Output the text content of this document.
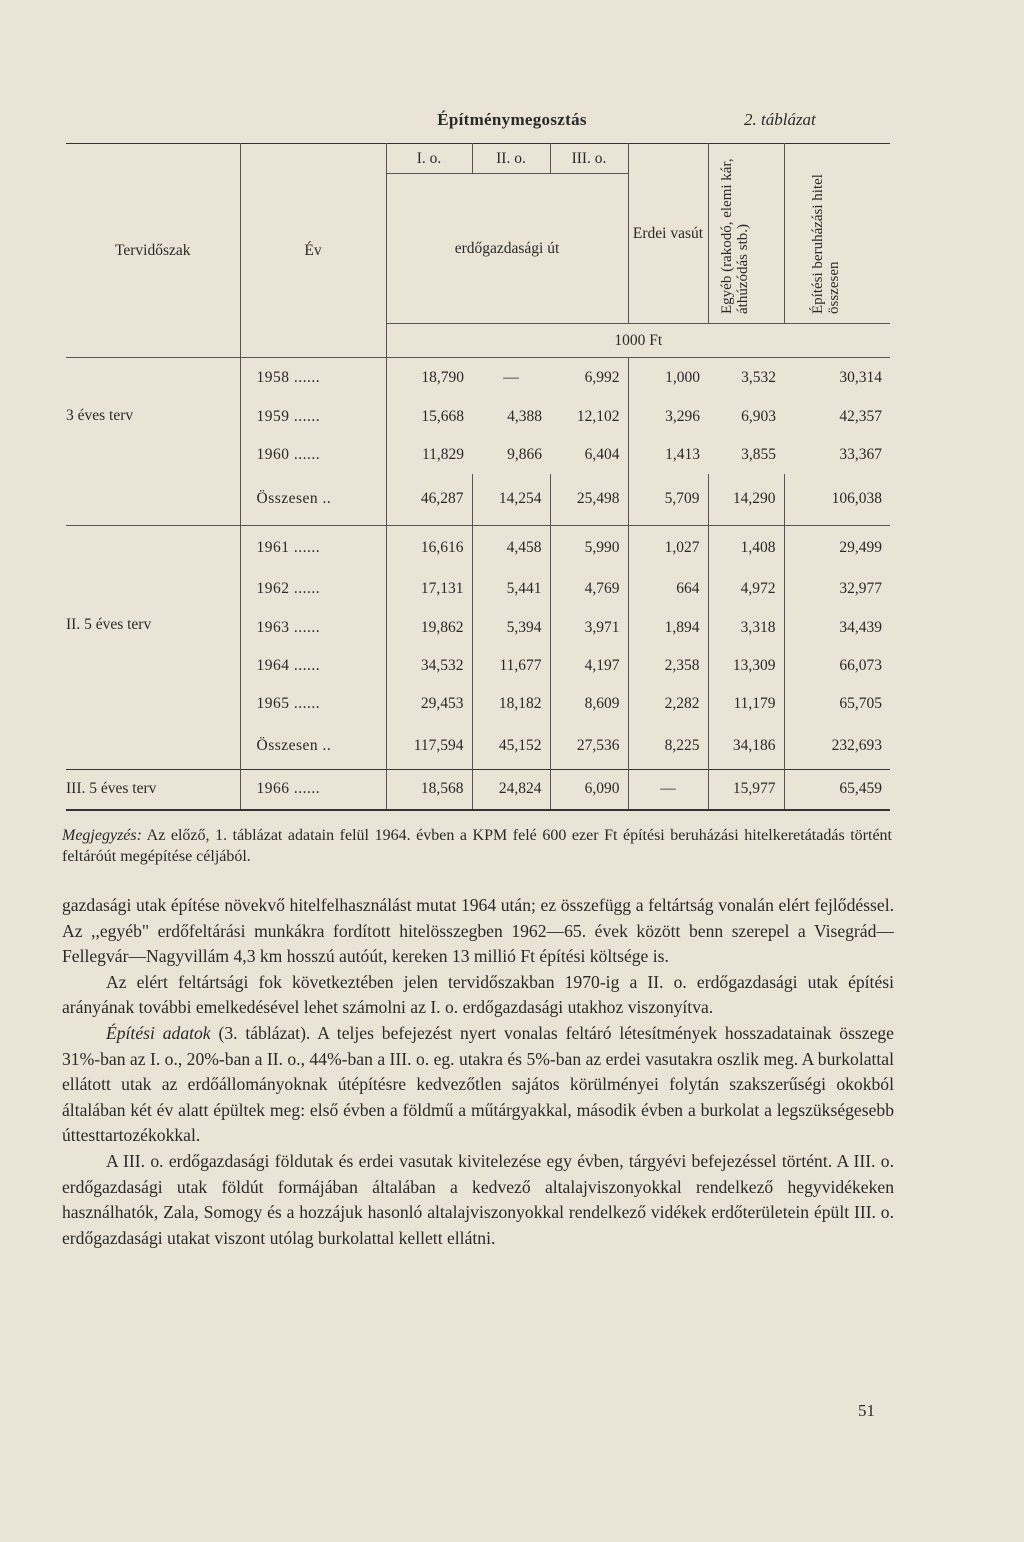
Építménymegosztás	2. táblázat
Tervidőszak	Év	I. o.	II. o.	III. o.	Erdei vasút	Egyéb (rakodó, elemi kár, áthúzódás stb.)	Építési beruházási hitel összesen

		erdőgazdasági út					
		1000 Ft					
3 éves terv	1958 ......	18,790	—	6,992	1,000	3,532	30,314
	1959 ......	15,668	4,388	12,102	3,296	6,903	42,357
	1960 ......	11,829	9,866	6,404	1,413	3,855	33,367
	Összesen ..	46,287	14,254	25,498	5,709	14,290	106,038
II. 5 éves terv	1961 ......	16,616	4,458	5,990	1,027	1,408	29,499
	1962 ......	17,131	5,441	4,769	664	4,972	32,977
	1963 ......	19,862	5,394	3,971	1,894	3,318	34,439
	1964 ......	34,532	11,677	4,197	2,358	13,309	66,073
	1965 ......	29,453	18,182	8,609	2,282	11,179	65,705
	Összesen ..	117,594	45,152	27,536	8,225	34,186	232,693
III. 5 éves terv	1966 ......	18,568	24,824	6,090	—	15,977	65,459
Megjegyzés: Az előző, 1. táblázat adatain felül 1964. évben a KPM felé 600 ezer Ft építési beruházási hitelkeretátadás történt feltáróút megépítése céljából.

gazdasági utak építése növekvő hitelfelhasználást mutat 1964 után; ez összefügg a feltártság vonalán elért fejlődéssel. Az ,,egyéb" erdőfeltárási munkákra fordított hitelösszegben 1962—65. évek között benn szerepel a Visegrád—Fellegvár—Nagyvillám 4,3 km hosszú autóút, kereken 13 millió Ft építési költsége is.

Az elért feltártsági fok következtében jelen tervidőszakban 1970-ig a II. o. erdőgazdasági utak építési arányának további emelkedésével lehet számolni az I. o. erdőgazdasági utakhoz viszonyítva.

Építési adatok (3. táblázat). A teljes befejezést nyert vonalas feltáró létesítmények hosszadatainak összege 31%-ban az I. o., 20%-ban a II. o., 44%-ban a III. o. eg. utakra és 5%-ban az erdei vasutakra oszlik meg. A burkolattal ellátott utak az erdőállományoknak útépítésre kedvezőtlen sajátos körülményei folytán szakszerűségi okokból általában két év alatt épültek meg: első évben a földmű a műtárgyakkal, második évben a burkolat a legszükségesebb úttesttartozékokkal.

A III. o. erdőgazdasági földutak és erdei vasutak kivitelezése egy évben, tárgyévi befejezéssel történt. A III. o. erdőgazdasági utak földút formájában általában a kedvező altalajviszonyokkal rendelkező hegyvidékeken használhatók, Zala, Somogy és a hozzájuk hasonló altalajviszonyokkal rendelkező vidékek erdőterületein épült III. o. erdőgazdasági utakat viszont utólag burkolattal kellett ellátni.

51
